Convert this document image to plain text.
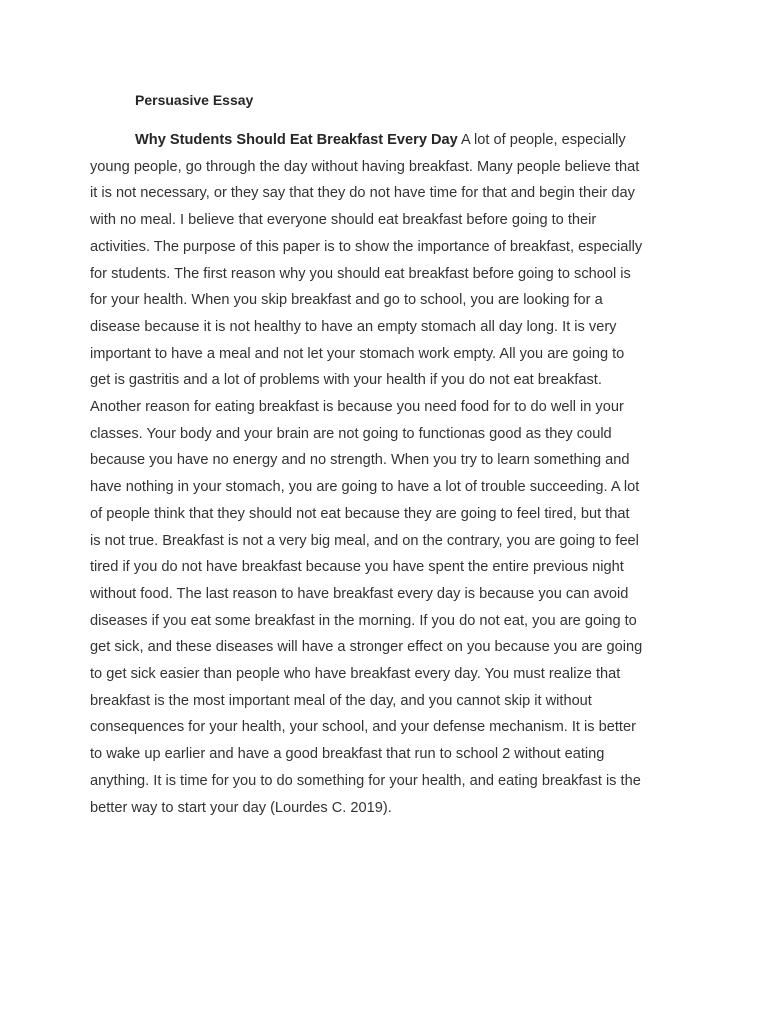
Persuasive Essay

Why Students Should Eat Breakfast Every Day A lot of people, especially
young people, go through the day without having breakfast. Many people believe that
it is not necessary, or they say that they do not have time for that and begin their day
with no meal. I believe that everyone should eat breakfast before going to their
activities. The purpose of this paper is to show the importance of breakfast, especially
for students. The first reason why you should eat breakfast before going to school is
for your health. When you skip breakfast and go to school, you are looking for a
disease because it is not healthy to have an empty stomach all day long. It is very
important to have a meal and not let your stomach work empty. All you are going to
get is gastritis and a lot of problems with your health if you do not eat breakfast.
Another reason for eating breakfast is because you need food for to do well in your
classes. Your body and your brain are not going to functionas good as they could
because you have no energy and no strength. When you try to learn something and
have nothing in your stomach, you are going to have a lot of trouble succeeding. A lot
of people think that they should not eat because they are going to feel tired, but that
is not true. Breakfast is not a very big meal, and on the contrary, you are going to feel
tired if you do not have breakfast because you have spent the entire previous night
without food. The last reason to have breakfast every day is because you can avoid
diseases if you eat some breakfast in the morning. If you do not eat, you are going to
get sick, and these diseases will have a stronger effect on you because you are going
to get sick easier than people who have breakfast every day. You must realize that
breakfast is the most important meal of the day, and you cannot skip it without
consequences for your health, your school, and your defense mechanism. It is better
to wake up earlier and have a good breakfast that run to school 2 without eating
anything. It is time for you to do something for your health, and eating breakfast is the
better way to start your day (Lourdes C. 2019).
